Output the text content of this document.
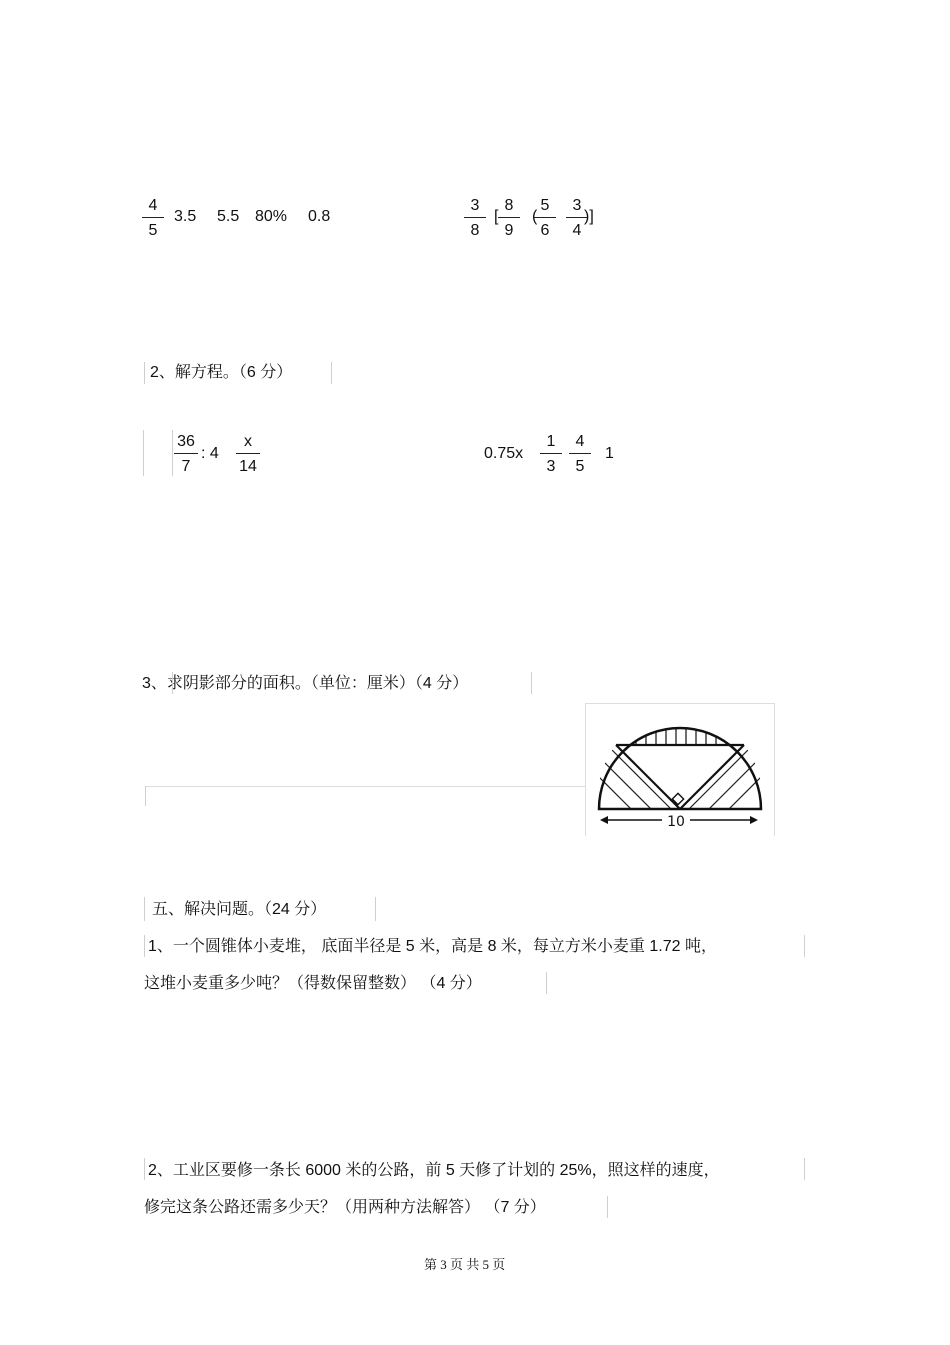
4
5
3.5 5.5 80% 0.8
3
8
[
8
9
(
5
6
3
4
)]
2、解方程。（6 分）
36
7
: 4
x
14
0.75x
1
3
4
5
1
3、求阴影部分的面积。（单位：厘米）（4 分）
10
五、解决问题。（24 分）
1、一个圆锥体小麦堆， 底面半径是 5 米，高是 8 米，每立方米小麦重 1.72 吨，
这堆小麦重多少吨？（得数保留整数） （4 分）
2、工业区要修一条长 6000 米的公路，前 5 天修了计划的 25%，照这样的速度，
修完这条公路还需多少天？（用两种方法解答） （7 分）
第 3 页 共 5 页
